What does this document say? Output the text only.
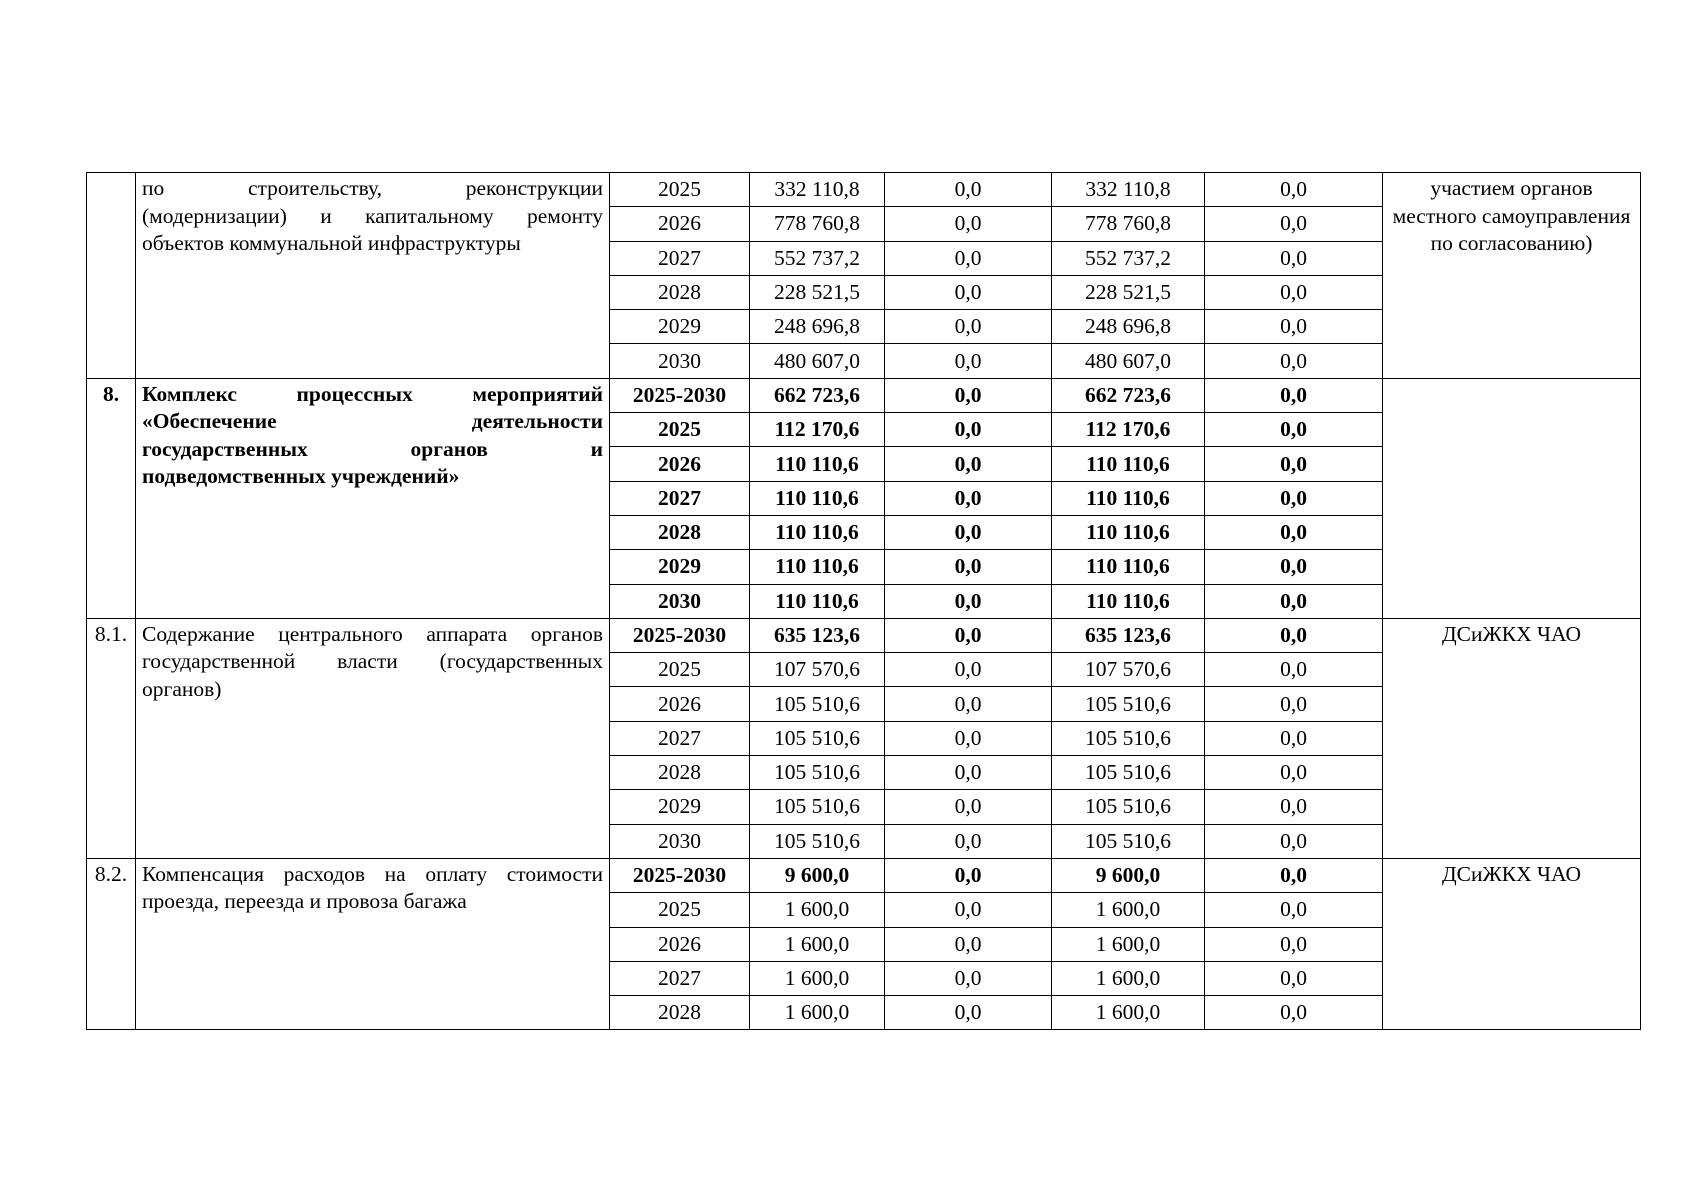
	по строительству, реконструкции
(модернизации) и капитальному ремонту
объектов коммунальной инфраструктуры	2025	332 110,8	0,0	332 110,8	0,0	участием органов местного самоуправления по согласованию)
		2026	778 760,8	0,0	778 760,8	0,0	
		2027	552 737,2	0,0	552 737,2	0,0	
		2028	228 521,5	0,0	228 521,5	0,0	
		2029	248 696,8	0,0	248 696,8	0,0	
		2030	480 607,0	0,0	480 607,0	0,0	
8.	Комплекс процессных мероприятий
«Обеспечение деятельности
государственных органов и
подведомственных учреждений»	2025-2030	662 723,6	0,0	662 723,6	0,0	
		2025	112 170,6	0,0	112 170,6	0,0	
		2026	110 110,6	0,0	110 110,6	0,0	
		2027	110 110,6	0,0	110 110,6	0,0	
		2028	110 110,6	0,0	110 110,6	0,0	
		2029	110 110,6	0,0	110 110,6	0,0	
		2030	110 110,6	0,0	110 110,6	0,0	
8.1.	Содержание центрального аппарата органов
государственной власти (государственных
органов)	2025-2030	635 123,6	0,0	635 123,6	0,0	ДСиЖКХ ЧАО
		2025	107 570,6	0,0	107 570,6	0,0	
		2026	105 510,6	0,0	105 510,6	0,0	
		2027	105 510,6	0,0	105 510,6	0,0	
		2028	105 510,6	0,0	105 510,6	0,0	
		2029	105 510,6	0,0	105 510,6	0,0	
		2030	105 510,6	0,0	105 510,6	0,0	
8.2.	Компенсация расходов на оплату стоимости
проезда, переезда и провоза багажа	2025-2030	9 600,0	0,0	9 600,0	0,0	ДСиЖКХ ЧАО
		2025	1 600,0	0,0	1 600,0	0,0	
		2026	1 600,0	0,0	1 600,0	0,0	
		2027	1 600,0	0,0	1 600,0	0,0	
		2028	1 600,0	0,0	1 600,0	0,0	
